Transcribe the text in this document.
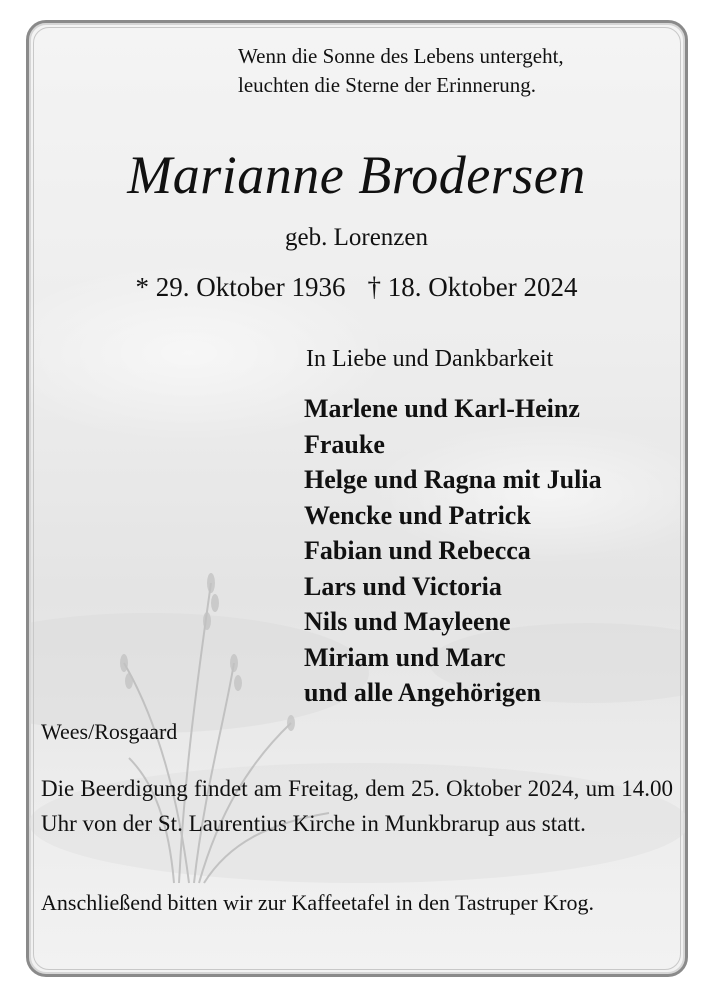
Wenn die Sonne des Lebens untergeht,
leuchten die Sterne der Erinnerung.

Marianne Brodersen

geb. Lorenzen

* 29. Oktober 1936 † 18. Oktober 2024

In Liebe und Dankbarkeit

Marlene und Karl-Heinz
Frauke
Helge und Ragna mit Julia
Wencke und Patrick
Fabian und Rebecca
Lars und Victoria
Nils und Mayleene
Miriam und Marc
und alle Angehörigen

Wees/Rosgaard

Die Beerdigung findet am Freitag, dem 25. Oktober 2024, um 14.00 Uhr von der St. Laurentius Kirche in Munkbrarup aus statt.

Anschließend bitten wir zur Kaffeetafel in den Tastruper Krog.
